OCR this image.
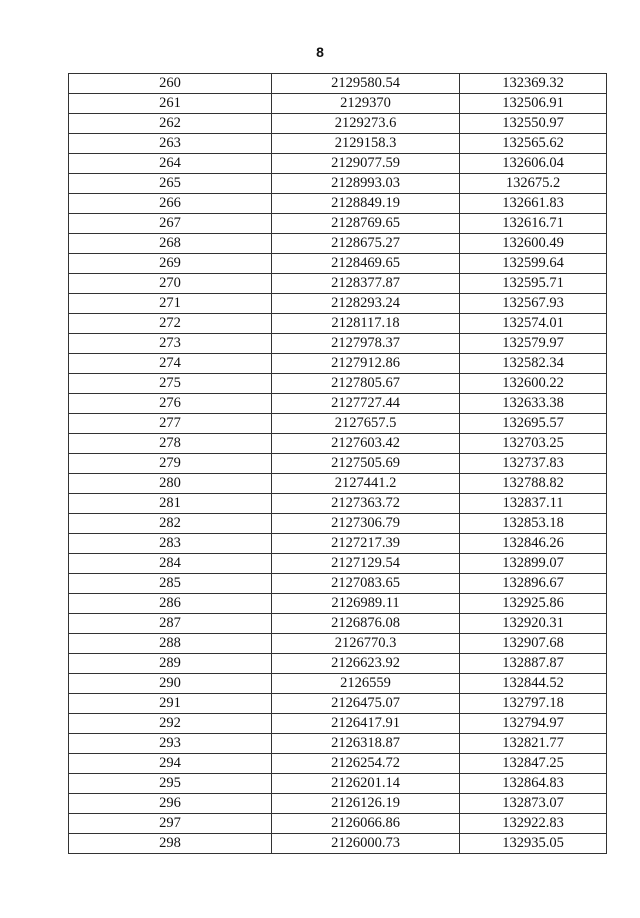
8
260	2129580.54	132369.32
261	2129370	132506.91
262	2129273.6	132550.97
263	2129158.3	132565.62
264	2129077.59	132606.04
265	2128993.03	132675.2
266	2128849.19	132661.83
267	2128769.65	132616.71
268	2128675.27	132600.49
269	2128469.65	132599.64
270	2128377.87	132595.71
271	2128293.24	132567.93
272	2128117.18	132574.01
273	2127978.37	132579.97
274	2127912.86	132582.34
275	2127805.67	132600.22
276	2127727.44	132633.38
277	2127657.5	132695.57
278	2127603.42	132703.25
279	2127505.69	132737.83
280	2127441.2	132788.82
281	2127363.72	132837.11
282	2127306.79	132853.18
283	2127217.39	132846.26
284	2127129.54	132899.07
285	2127083.65	132896.67
286	2126989.11	132925.86
287	2126876.08	132920.31
288	2126770.3	132907.68
289	2126623.92	132887.87
290	2126559	132844.52
291	2126475.07	132797.18
292	2126417.91	132794.97
293	2126318.87	132821.77
294	2126254.72	132847.25
295	2126201.14	132864.83
296	2126126.19	132873.07
297	2126066.86	132922.83
298	2126000.73	132935.05
